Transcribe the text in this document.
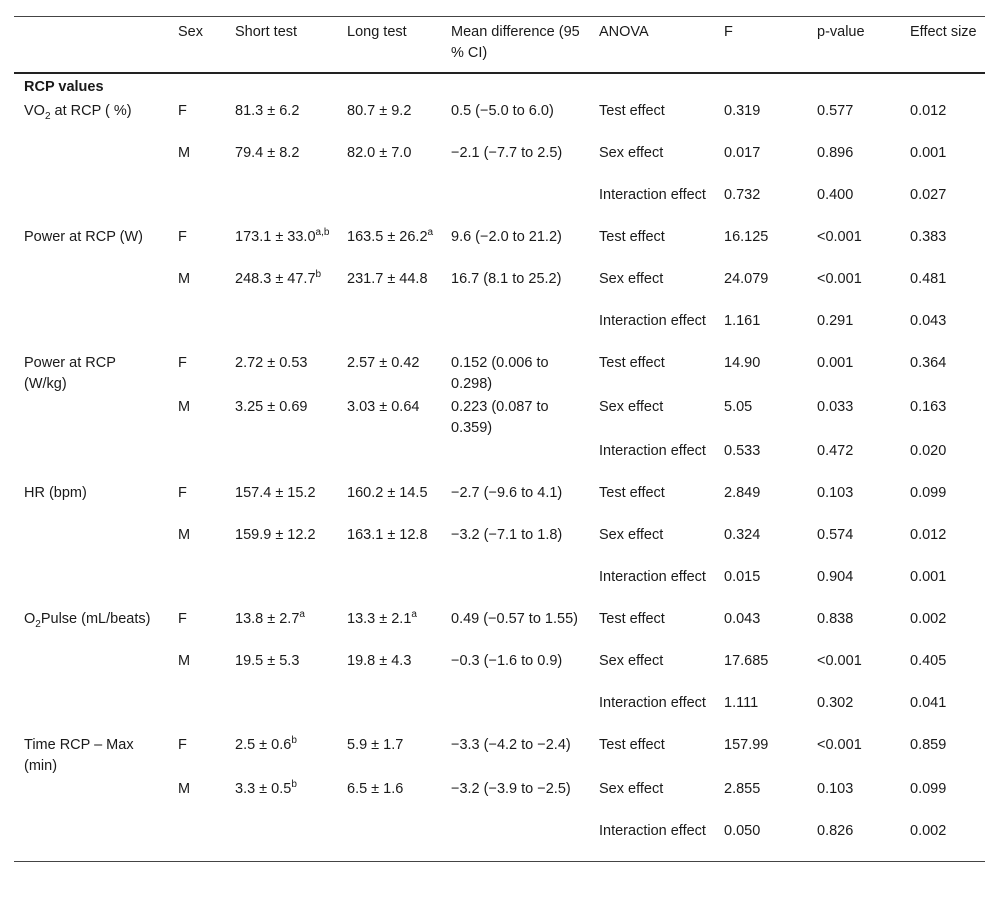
	Sex	Short test	Long test	Mean difference (95 % CI)	ANOVA	F	p-value	Effect size
RCP values								
$VO_2$ at RCP ( %)	F	81.3 ± 6.2	80.7 ± 9.2	0.5 (−5.0 to 6.0)	Test effect	0.319	0.577	0.012
	M	79.4 ± 8.2	82.0 ± 7.0	−2.1 (−7.7 to 2.5)	Sex effect	0.017	0.896	0.001
					Interaction effect	0.732	0.400	0.027
Power at RCP (W)	F	$173.1 \pm 33.0^{a,b}$	163.5 ± 26.2$^a$	9.6 (−2.0 to 21.2)	Test effect	16.125	<0.001	0.383
	M	248.3 ± 47.7$^b$	231.7 ± 44.8	16.7 (8.1 to 25.2)	Sex effect	24.079	<0.001	0.481
					Interaction effect	1.161	0.291	0.043
Power at RCP (W/kg)	F	2.72 ± 0.53	2.57 ± 0.42	0.152 (0.006 to 0.298)	Test effect	14.90	0.001	0.364
	M	3.25 ± 0.69	3.03 ± 0.64	0.223 (0.087 to 0.359)	Sex effect	5.05	0.033	0.163
					Interaction effect	0.533	0.472	0.020
HR (bpm)	F	157.4 ± 15.2	160.2 ± 14.5	−2.7 (−9.6 to 4.1)	Test effect	2.849	0.103	0.099
	M	159.9 ± 12.2	163.1 ± 12.8	−3.2 (−7.1 to 1.8)	Sex effect	0.324	0.574	0.012
					Interaction effect	0.015	0.904	0.001
$O_2Pulse$ (mL/beats)	F	13.8 ± 2.7$^a$	13.3 ± 2.1$^a$	0.49 (−0.57 to 1.55)	Test effect	0.043	0.838	0.002
	M	19.5 ± 5.3	19.8 ± 4.3	−0.3 (−1.6 to 0.9)	Sex effect	17.685	<0.001	0.405
					Interaction effect	1.111	0.302	0.041
Time RCP – Max (min)	F	2.5 ± 0.6$^b$	5.9 ± 1.7	−3.3 (−4.2 to −2.4)	Test effect	157.99	<0.001	0.859
	M	3.3 ± 0.5$^b$	6.5 ± 1.6	−3.2 (−3.9 to −2.5)	Sex effect	2.855	0.103	0.099
					Interaction effect	0.050	0.826	0.002
